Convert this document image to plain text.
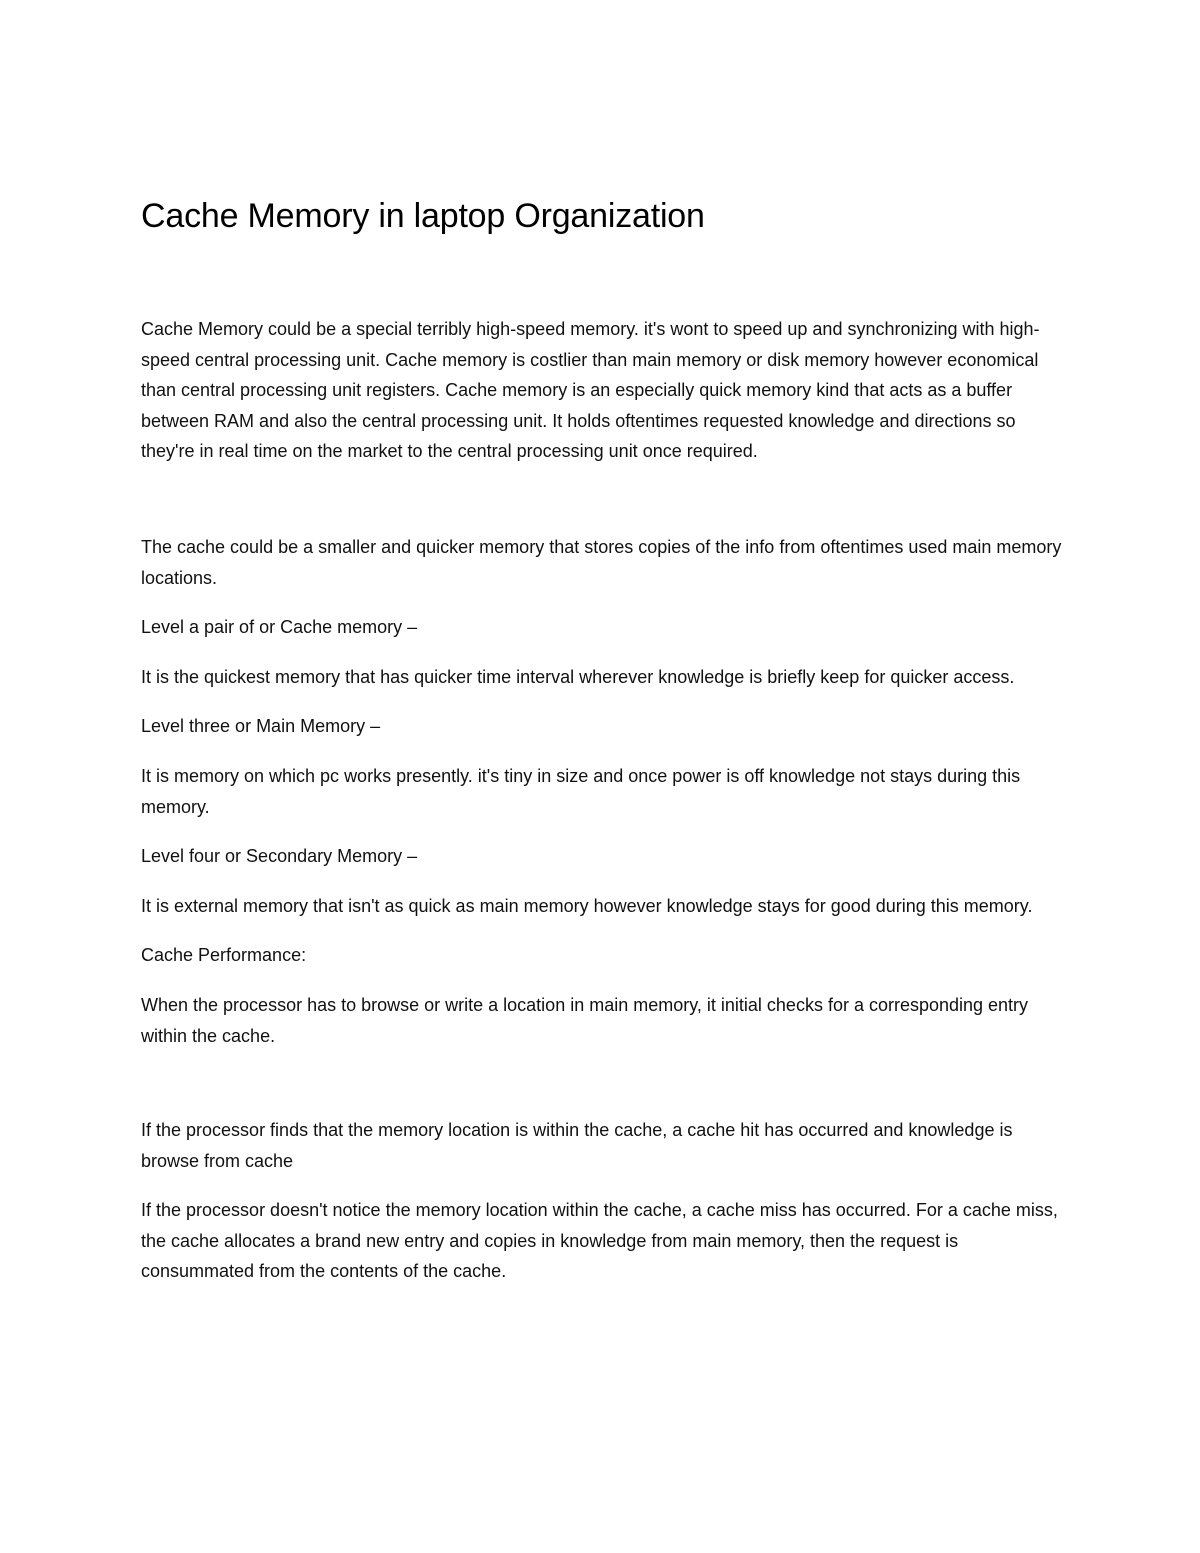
Cache Memory in laptop Organization

Cache Memory could be a special terribly high-speed memory. it's wont to speed up and synchronizing with high-speed central processing unit. Cache memory is costlier than main memory or disk memory however economical than central processing unit registers. Cache memory is an especially quick memory kind that acts as a buffer between RAM and also the central processing unit. It holds oftentimes requested knowledge and directions so they're in real time on the market to the central processing unit once required.

The cache could be a smaller and quicker memory that stores copies of the info from oftentimes used main memory locations.

Level a pair of or Cache memory –

It is the quickest memory that has quicker time interval wherever knowledge is briefly keep for quicker access.

Level three or Main Memory –

It is memory on which pc works presently. it's tiny in size and once power is off knowledge not stays during this memory.

Level four or Secondary Memory –

It is external memory that isn't as quick as main memory however knowledge stays for good during this memory.

Cache Performance:

When the processor has to browse or write a location in main memory, it initial checks for a corresponding entry within the cache.

If the processor finds that the memory location is within the cache, a cache hit has occurred and knowledge is browse from cache

If the processor doesn't notice the memory location within the cache, a cache miss has occurred. For a cache miss, the cache allocates a brand new entry and copies in knowledge from main memory, then the request is consummated from the contents of the cache.
